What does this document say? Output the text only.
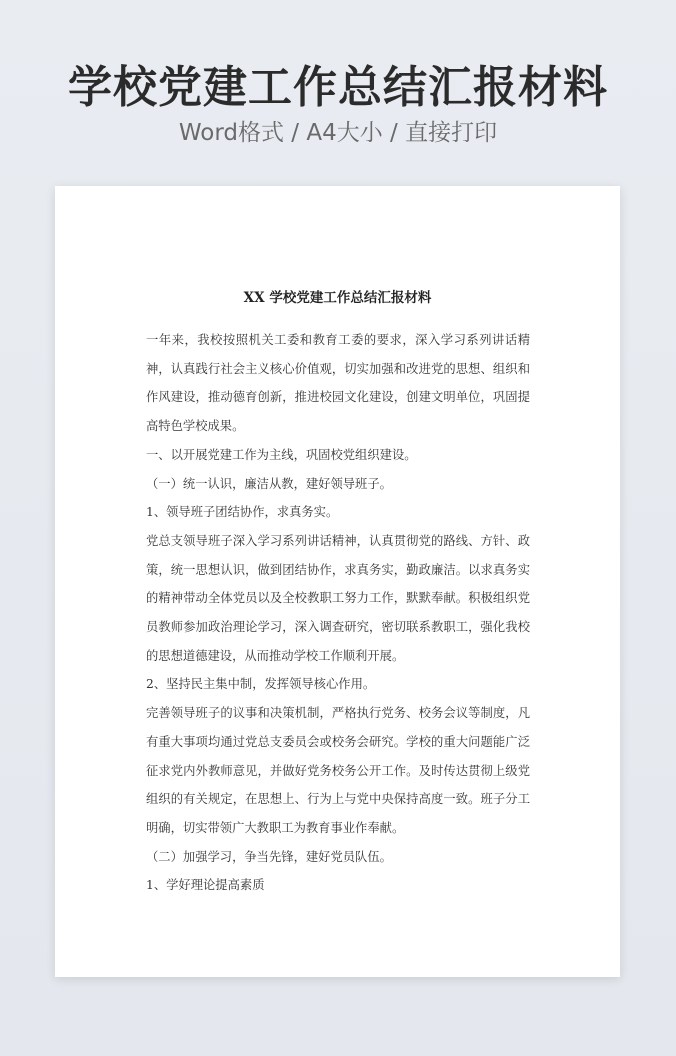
学校党建工作总结汇报材料
Word格式 / A4大小 / 直接打印
XX 学校党建工作总结汇报材料

一年来，我校按照机关工委和教育工委的要求，深入学习系列讲话精神，认真践行社会主义核心价值观，切实加强和改进党的思想、组织和作风建设，推动德育创新，推进校园文化建设，创建文明单位，巩固提高特色学校成果。

一、以开展党建工作为主线，巩固校党组织建设。

（一）统一认识，廉洁从教，建好领导班子。

1、领导班子团结协作，求真务实。

党总支领导班子深入学习系列讲话精神，认真贯彻党的路线、方针、政策，统一思想认识，做到团结协作，求真务实，勤政廉洁。以求真务实的精神带动全体党员以及全校教职工努力工作，默默奉献。积极组织党员教师参加政治理论学习，深入调查研究，密切联系教职工，强化我校的思想道德建设，从而推动学校工作顺利开展。

2、坚持民主集中制，发挥领导核心作用。

完善领导班子的议事和决策机制，严格执行党务、校务会议等制度，凡有重大事项均通过党总支委员会或校务会研究。学校的重大问题能广泛征求党内外教师意见，并做好党务校务公开工作。及时传达贯彻上级党组织的有关规定，在思想上、行为上与党中央保持高度一致。班子分工明确，切实带领广大教职工为教育事业作奉献。

（二）加强学习，争当先锋，建好党员队伍。

1、学好理论提高素质
